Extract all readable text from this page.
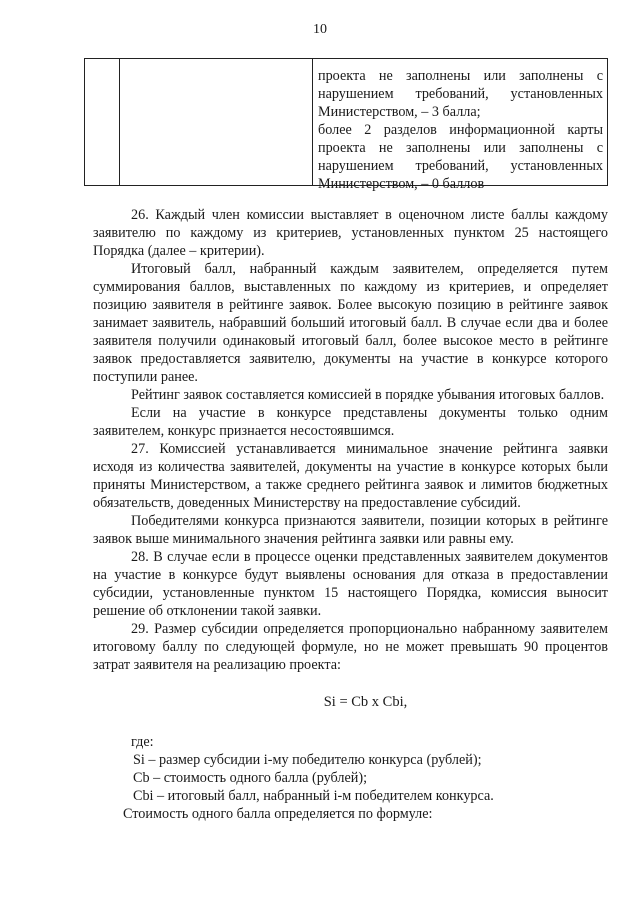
10

проекта не заполнены или заполнены с

нарушением требований, установленных

Министерством, – 3 балла;

более 2 разделов информационной карты

проекта не заполнены или заполнены с

нарушением требований, установленных

Министерством, – 0 баллов

26. Каждый член комиссии выставляет в оценочном листе баллы каждому заявителю по каждому из критериев, установленных пунктом 25 настоящего Порядка (далее – критерии).

Итоговый балл, набранный каждым заявителем, определяется путем суммирования баллов, выставленных по каждому из критериев, и определяет позицию заявителя в рейтинге заявок. Более высокую позицию в рейтинге заявок занимает заявитель, набравший больший итоговый балл. В случае если два и более заявителя получили одинаковый итоговый балл, более высокое место в рейтинге заявок предоставляется заявителю, документы на участие в конкурсе которого поступили ранее.

Рейтинг заявок составляется комиссией в порядке убывания итоговых баллов.

Если на участие в конкурсе представлены документы только одним заявителем, конкурс признается несостоявшимся.

27. Комиссией устанавливается минимальное значение рейтинга заявки исходя из количества заявителей, документы на участие в конкурсе которых были приняты Министерством, а также среднего рейтинга заявок и лимитов бюджетных обязательств, доведенных Министерству на предоставление субсидий.

Победителями конкурса признаются заявители, позиции которых в рейтинге заявок выше минимального значения рейтинга заявки или равны ему.

28. В случае если в процессе оценки представленных заявителем документов на участие в конкурсе будут выявлены основания для отказа в предоставлении субсидии, установленные пунктом 15 настоящего Порядка, комиссия выносит решение об отклонении такой заявки.

29. Размер субсидии определяется пропорционально набранному заявителем итоговому баллу по следующей формуле, но не может превышать 90 процентов затрат заявителя на реализацию проекта:

Si = Cb x Cbi,

где:

Si – размер субсидии i-му победителю конкурса (рублей);

Cb – стоимость одного балла (рублей);

Cbi – итоговый балл, набранный i-м победителем конкурса.

Стоимость одного балла определяется по формуле:
